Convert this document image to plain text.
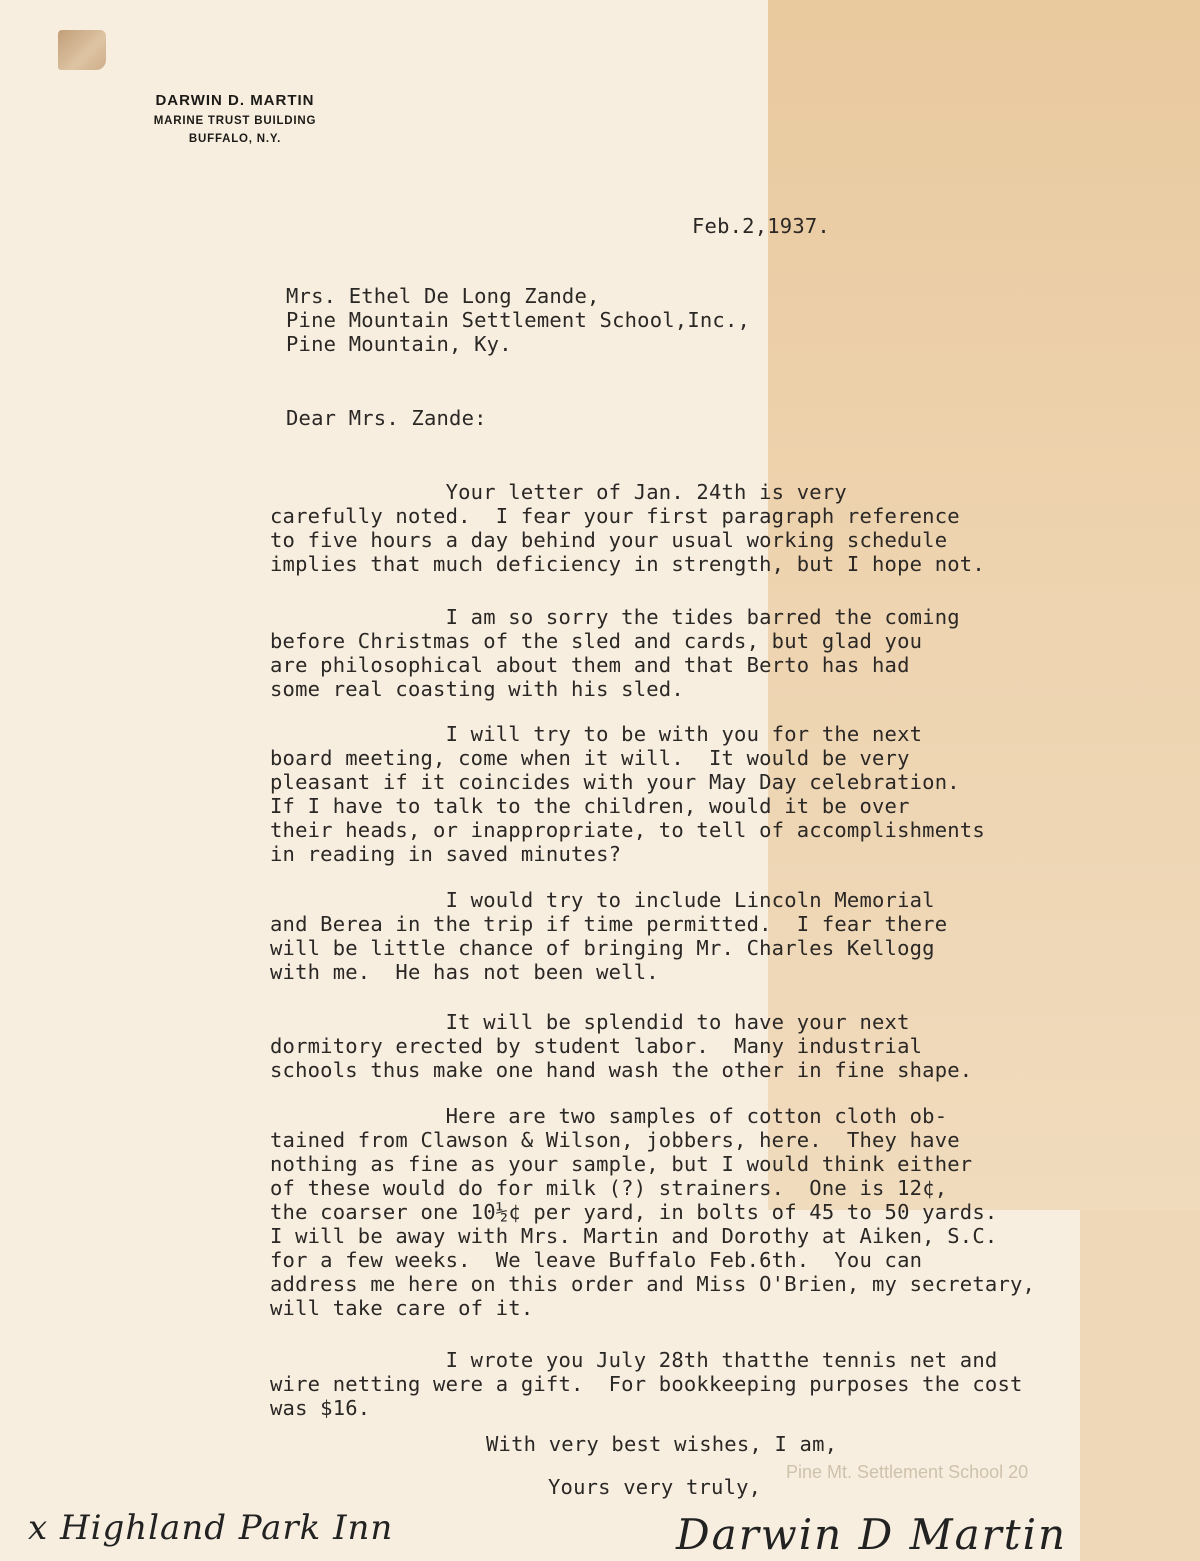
DARWIN D. MARTIN
MARINE TRUST BUILDING
BUFFALO, N.Y.
Feb.2,1937.
Mrs. Ethel De Long Zande,
Pine Mountain Settlement School,Inc.,
Pine Mountain, Ky.
Dear Mrs. Zande:
Your letter of Jan. 24th is very
carefully noted.  I fear your first paragraph reference
to five hours a day behind your usual working schedule
implies that much deficiency in strength, but I hope not.
I am so sorry the tides barred the coming
before Christmas of the sled and cards, but glad you
are philosophical about them and that Berto has had
some real coasting with his sled.
I will try to be with you for the next
board meeting, come when it will.  It would be very
pleasant if it coincides with your May Day celebration.
If I have to talk to the children, would it be over
their heads, or inappropriate, to tell of accomplishments
in reading in saved minutes?
I would try to include Lincoln Memorial
and Berea in the trip if time permitted.  I fear there
will be little chance of bringing Mr. Charles Kellogg
with me.  He has not been well.
It will be splendid to have your next
dormitory erected by student labor.  Many industrial
schools thus make one hand wash the other in fine shape.
Here are two samples of cotton cloth ob-
tained from Clawson & Wilson, jobbers, here.  They have
nothing as fine as your sample, but I would think either
of these would do for milk (?) strainers.  One is 12¢,
the coarser one 10½¢ per yard, in bolts of 45 to 50 yards.
I will be away with Mrs. Martin and Dorothy at Aiken, S.C.
for a few weeks.  We leave Buffalo Feb.6th.  You can
address me here on this order and Miss O'Brien, my secretary,
will take care of it.
I wrote you July 28th thatthe tennis net and
wire netting were a gift.  For bookkeeping purposes the cost
was $16.
With very best wishes, I am,
Yours very truly,
x Highland Park Inn	Darwin D Martin
Pine Mt. Settlement School 20
